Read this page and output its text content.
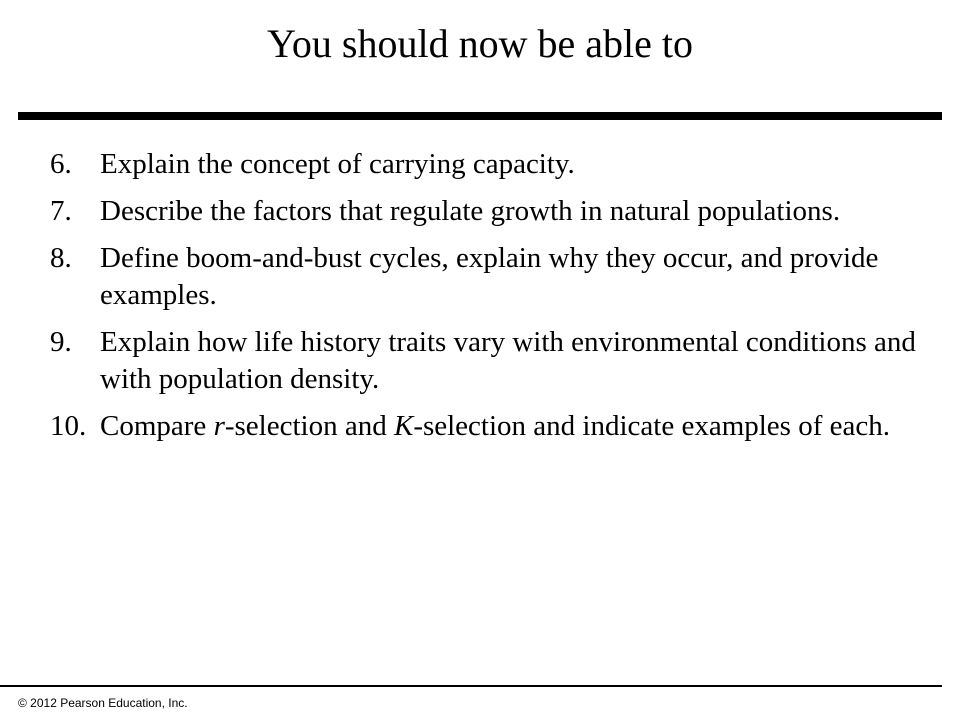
You should now be able to
6. Explain the concept of carrying capacity.
7. Describe the factors that regulate growth in natural populations.
8. Define boom-and-bust cycles, explain why they occur, and provide examples.
9. Explain how life history traits vary with environmental conditions and with population density.
10. Compare r-selection and K-selection and indicate examples of each.
© 2012 Pearson Education, Inc.
